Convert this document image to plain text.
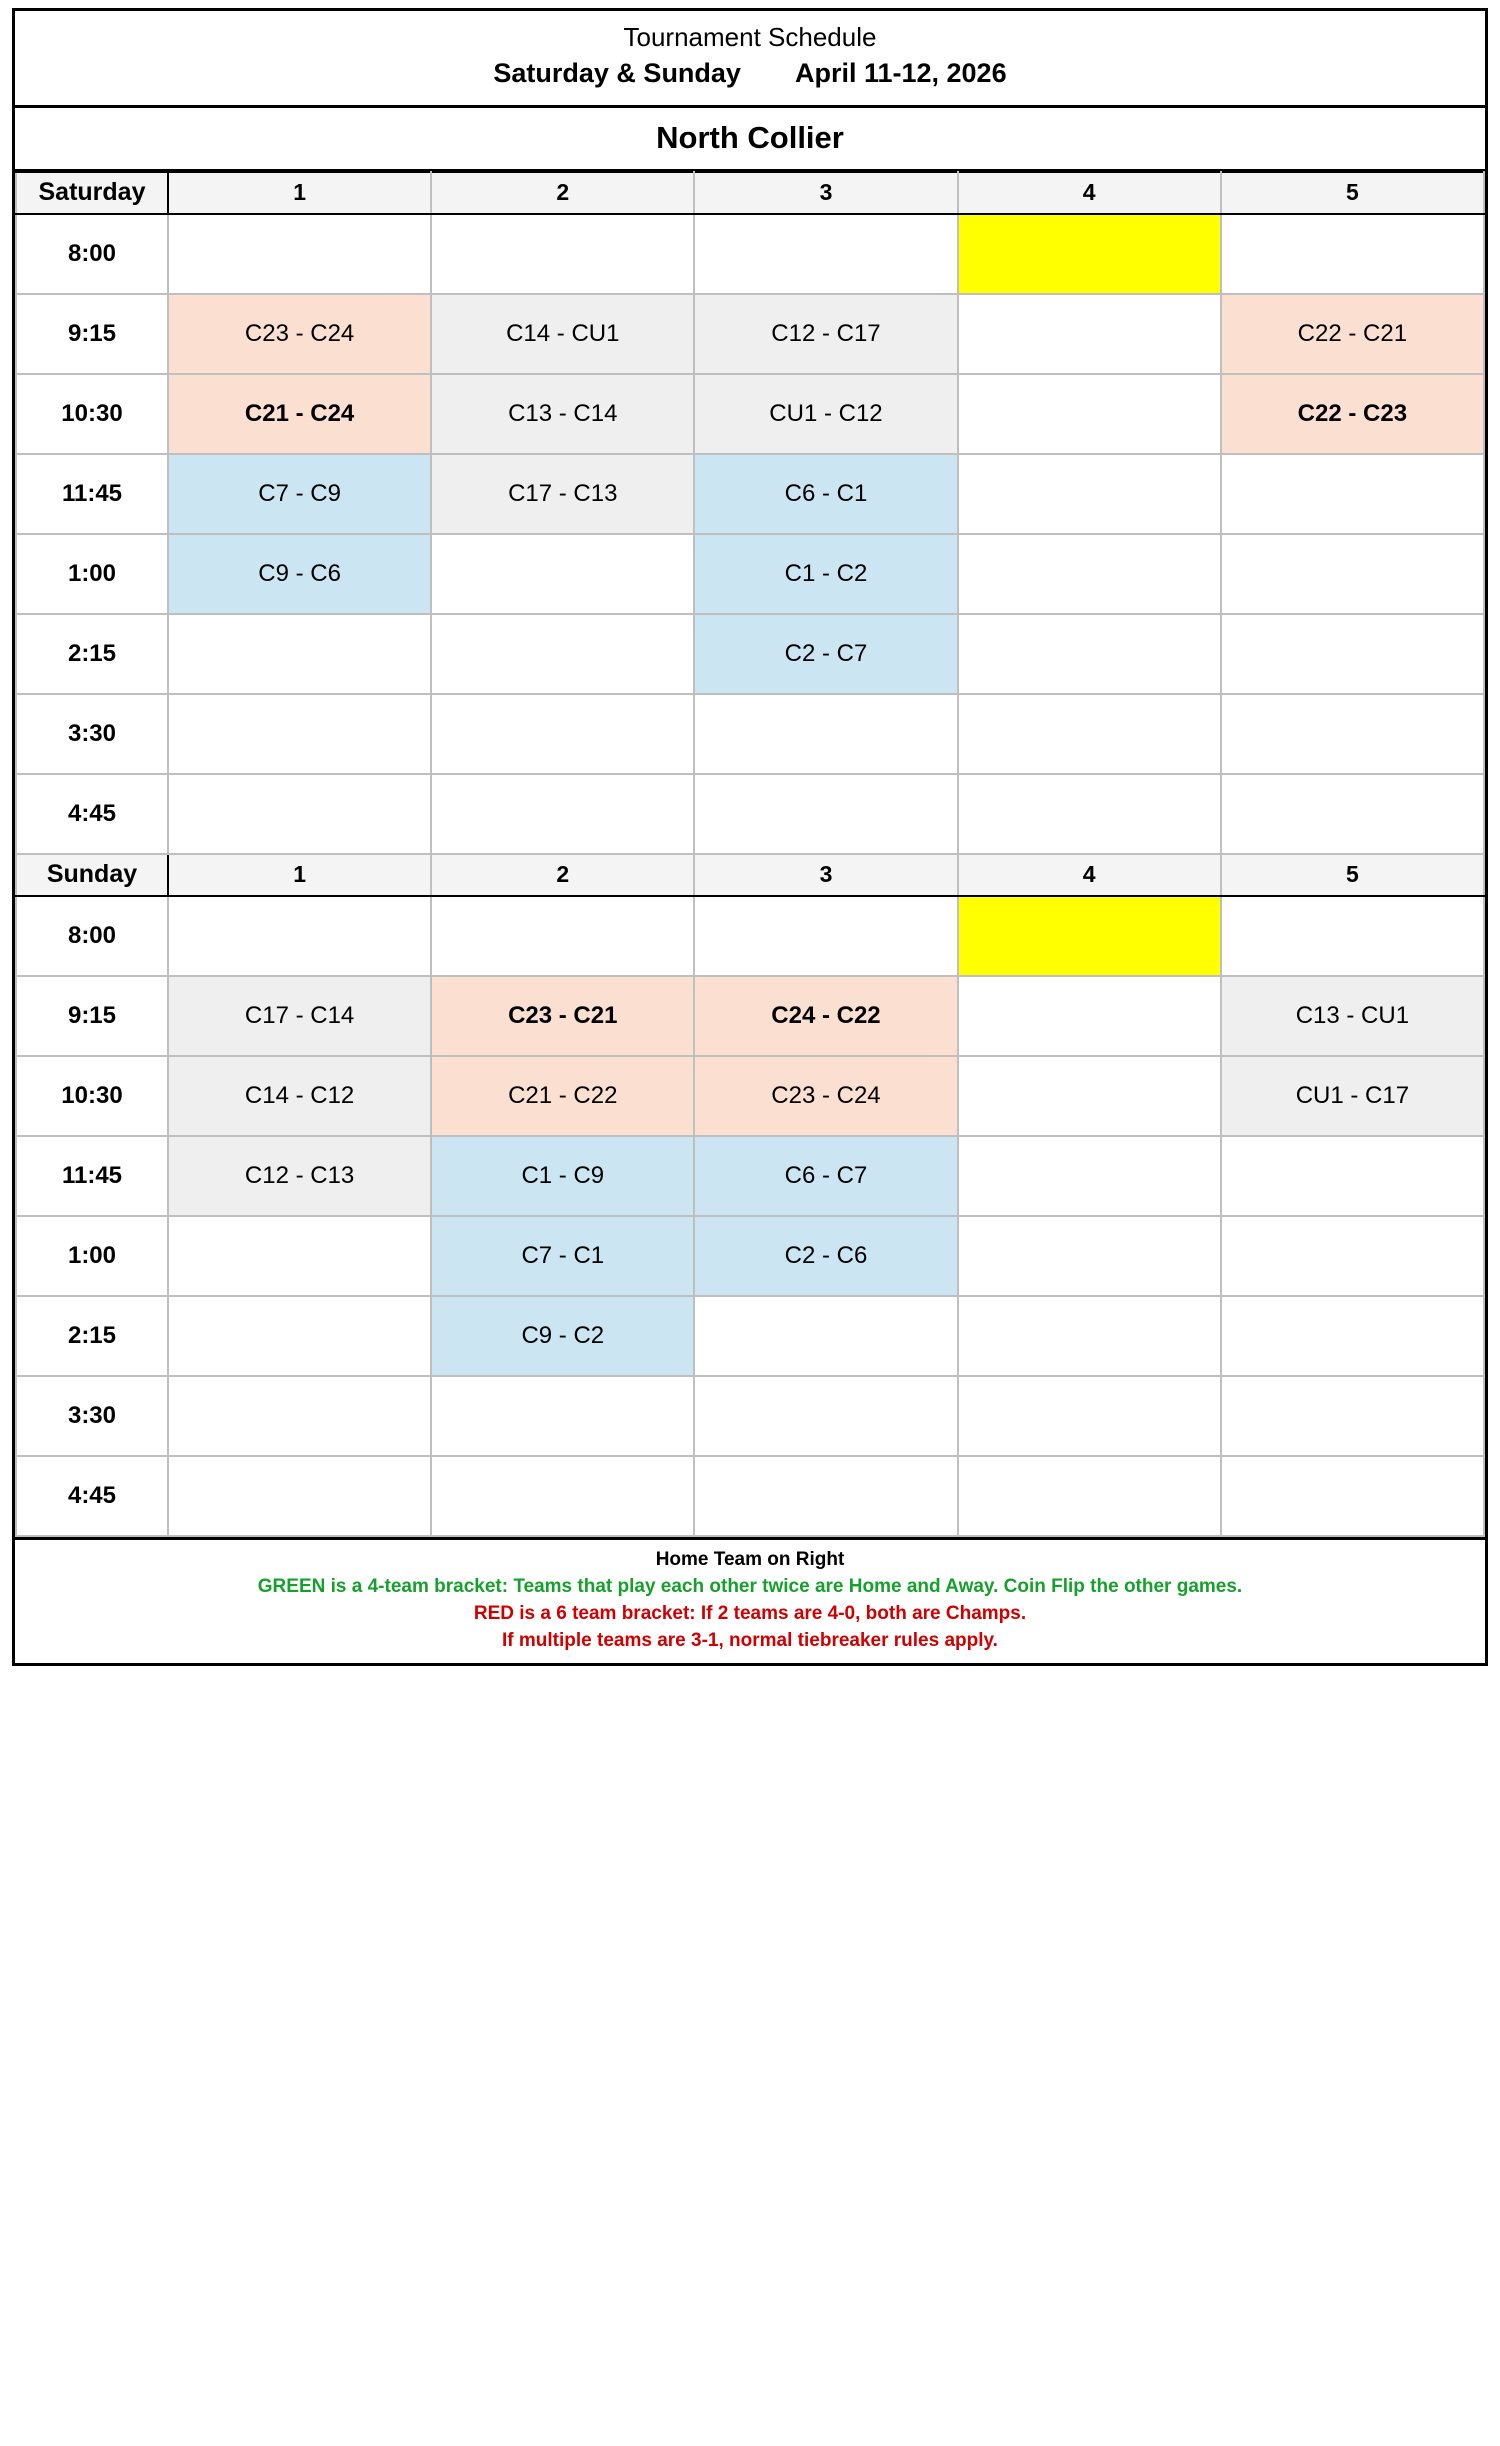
Tournament Schedule
Saturday & Sunday April 11-12, 2026
North Collier
Saturday	1	2	3	4	5
8:00					
9:15	C23 - C24	C14 - CU1	C12 - C17		C22 - C21
10:30	C21 - C24	C13 - C14	CU1 - C12		C22 - C23
11:45	C7 - C9	C17 - C13	C6 - C1		
1:00	C9 - C6		C1 - C2		
2:15			C2 - C7		
3:30					
4:45					
Sunday	1	2	3	4	5
8:00					
9:15	C17 - C14	C23 - C21	C24 - C22		C13 - CU1
10:30	C14 - C12	C21 - C22	C23 - C24		CU1 - C17
11:45	C12 - C13	C1 - C9	C6 - C7		
1:00		C7 - C1	C2 - C6		
2:15		C9 - C2			
3:30					
4:45					
Home Team on Right
GREEN is a 4-team bracket: Teams that play each other twice are Home and Away. Coin Flip the other games.
RED is a 6 team bracket: If 2 teams are 4-0, both are Champs.
If multiple teams are 3-1, normal tiebreaker rules apply.
